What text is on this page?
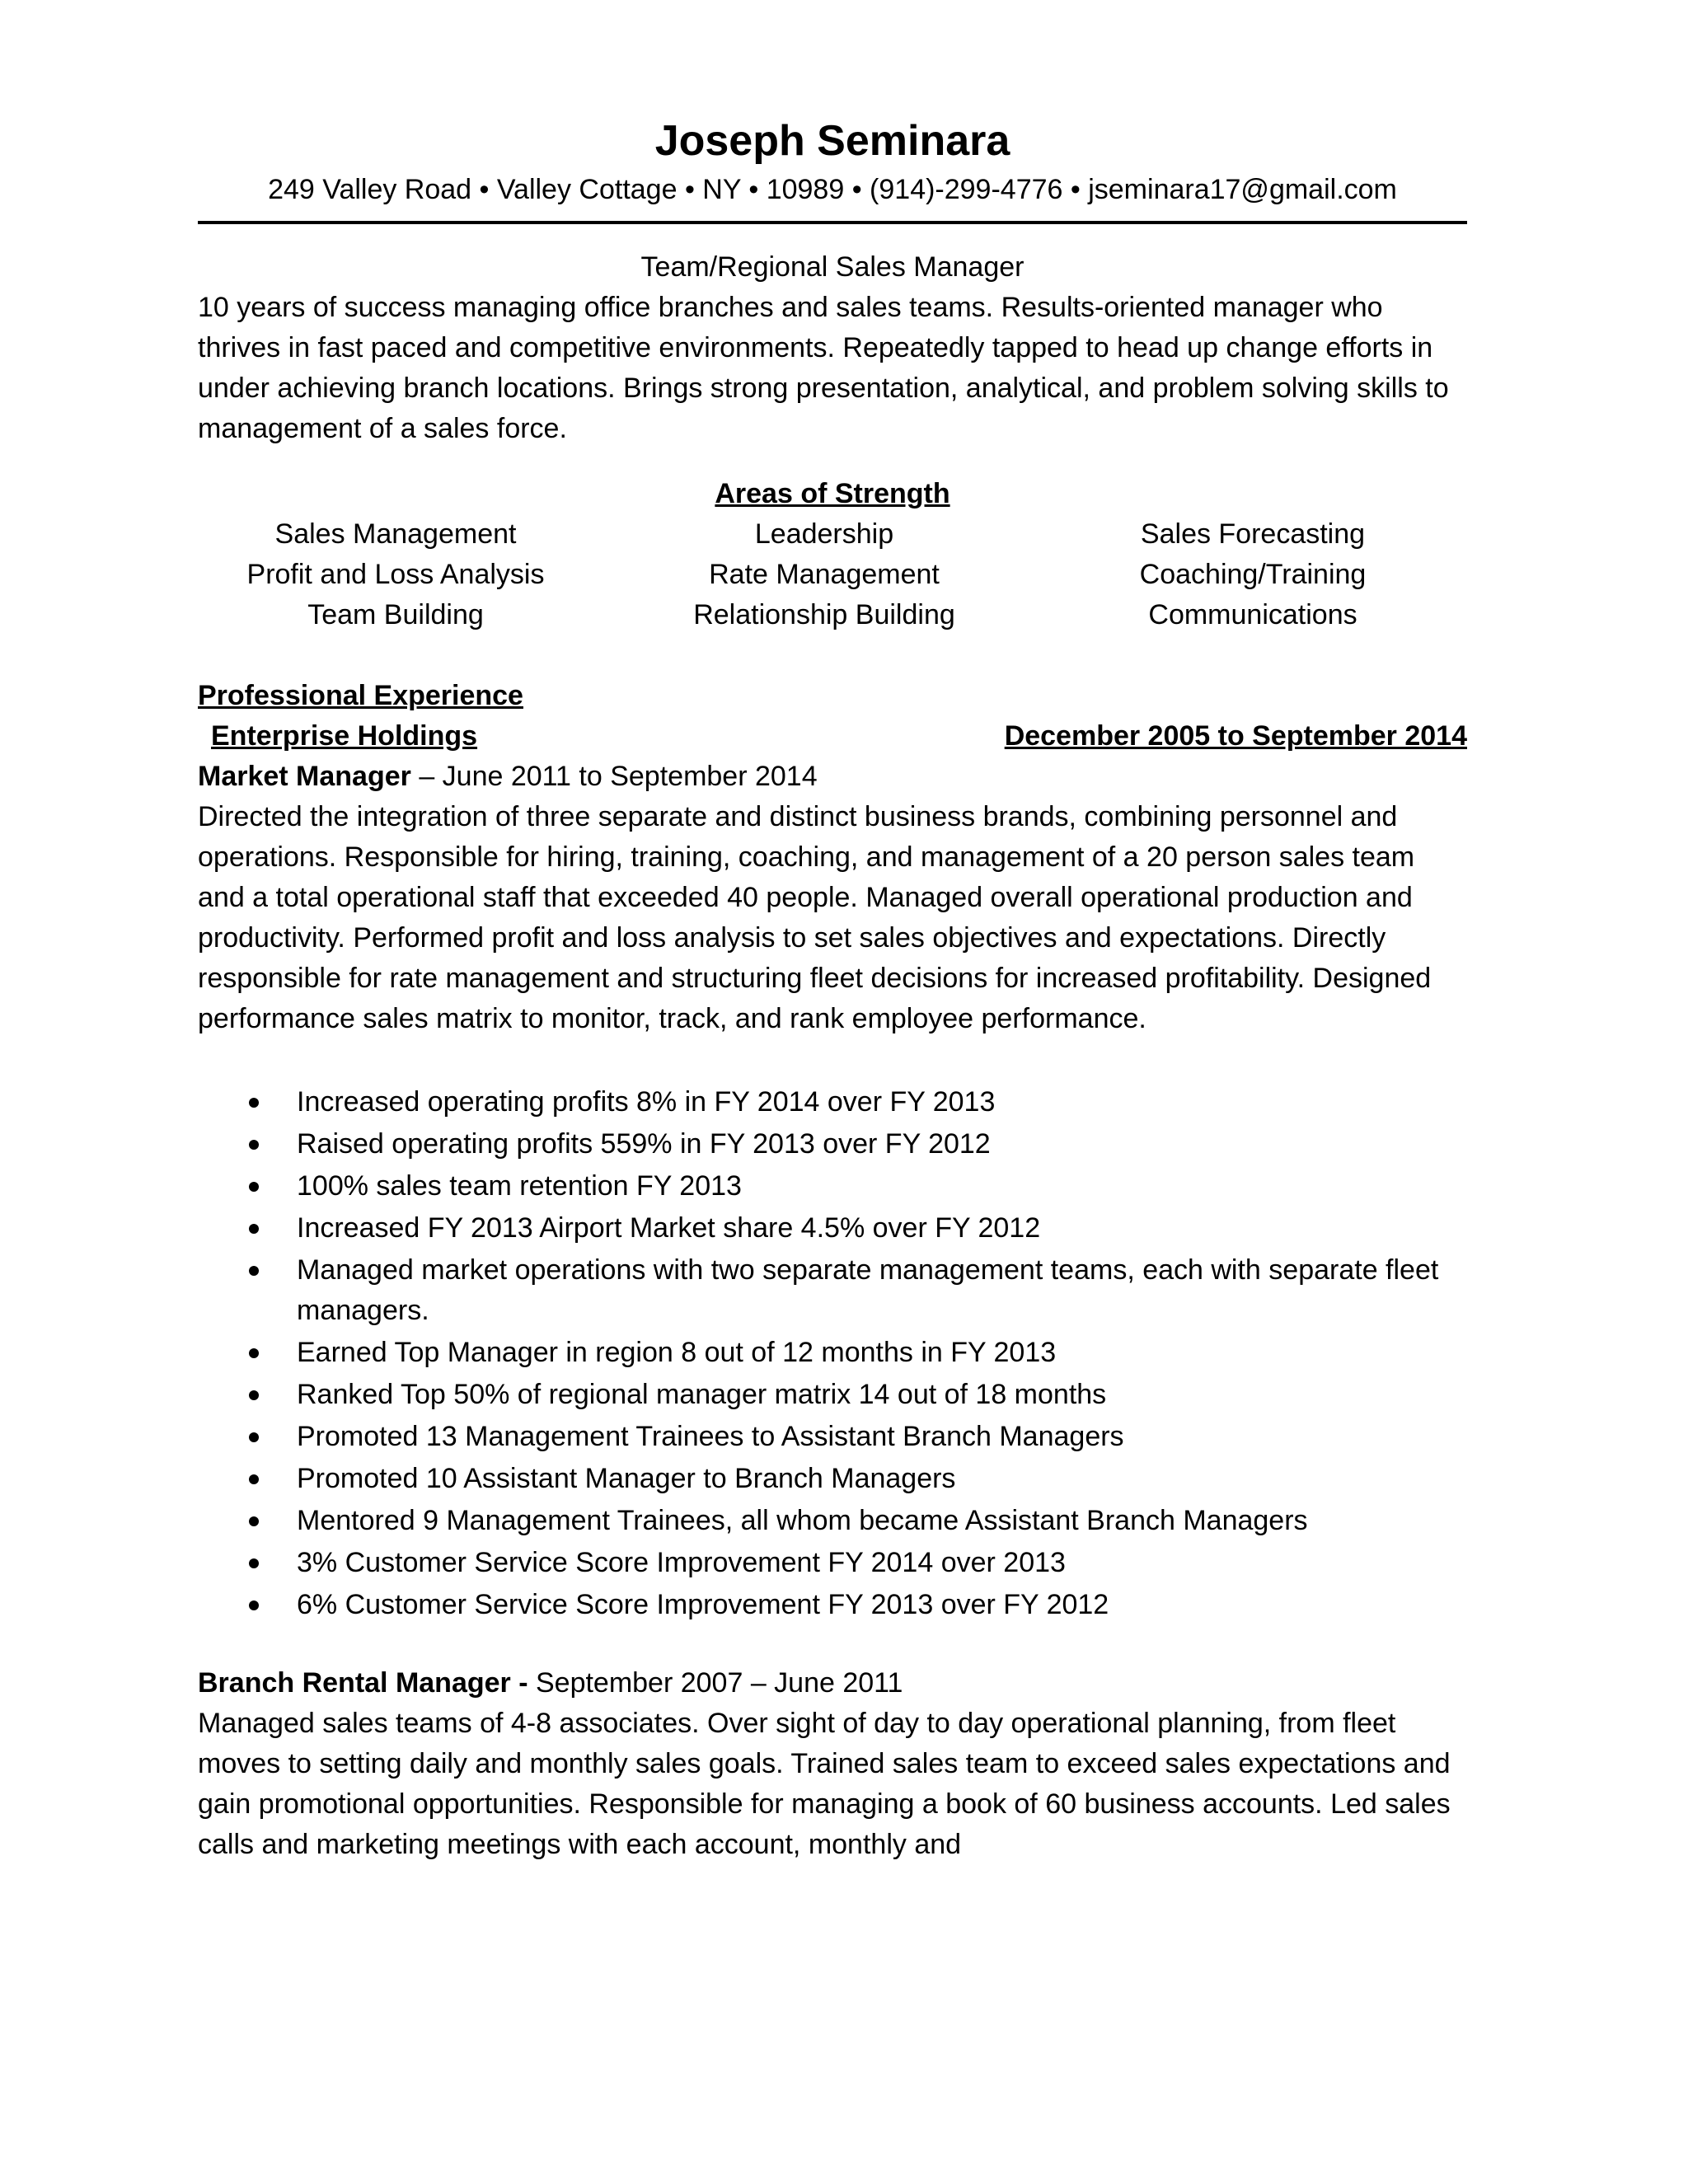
Joseph Seminara
249 Valley Road • Valley Cottage • NY • 10989 • (914)-299-4776 • jseminara17@gmail.com
Team/Regional Sales Manager

10 years of success managing office branches and sales teams. Results-oriented manager who thrives in fast paced and competitive environments. Repeatedly tapped to head up change efforts in under achieving branch locations. Brings strong presentation, analytical, and problem solving skills to management of a sales force.

Areas of Strength
Sales Management	Leadership	Sales Forecasting
Profit and Loss Analysis	Rate Management	Coaching/Training
Team Building	Relationship Building	Communications
Professional Experience
Enterprise Holdings	December 2005 to September 2014
Market Manager – June 2011 to September 2014

Directed the integration of three separate and distinct business brands, combining personnel and operations. Responsible for hiring, training, coaching, and management of a 20 person sales team and a total operational staff that exceeded 40 people. Managed overall operational production and productivity. Performed profit and loss analysis to set sales objectives and expectations. Directly responsible for rate management and structuring fleet decisions for increased profitability. Designed performance sales matrix to monitor, track, and rank employee performance.

Increased operating profits 8% in FY 2014 over FY 2013
Raised operating profits 559% in FY 2013 over FY 2012
100% sales team retention FY 2013
Increased FY 2013 Airport Market share 4.5% over FY 2012
Managed market operations with two separate management teams, each with separate fleet managers.
Earned Top Manager in region 8 out of 12 months in FY 2013
Ranked Top 50% of regional manager matrix 14 out of 18 months
Promoted 13 Management Trainees to Assistant Branch Managers
Promoted 10 Assistant Manager to Branch Managers
Mentored 9 Management Trainees, all whom became Assistant Branch Managers
3% Customer Service Score Improvement FY 2014 over 2013
6% Customer Service Score Improvement FY 2013 over FY 2012
Branch Rental Manager - September 2007 – June 2011

Managed sales teams of 4-8 associates. Over sight of day to day operational planning, from fleet moves to setting daily and monthly sales goals. Trained sales team to exceed sales expectations and gain promotional opportunities. Responsible for managing a book of 60 business accounts. Led sales calls and marketing meetings with each account, monthly and
